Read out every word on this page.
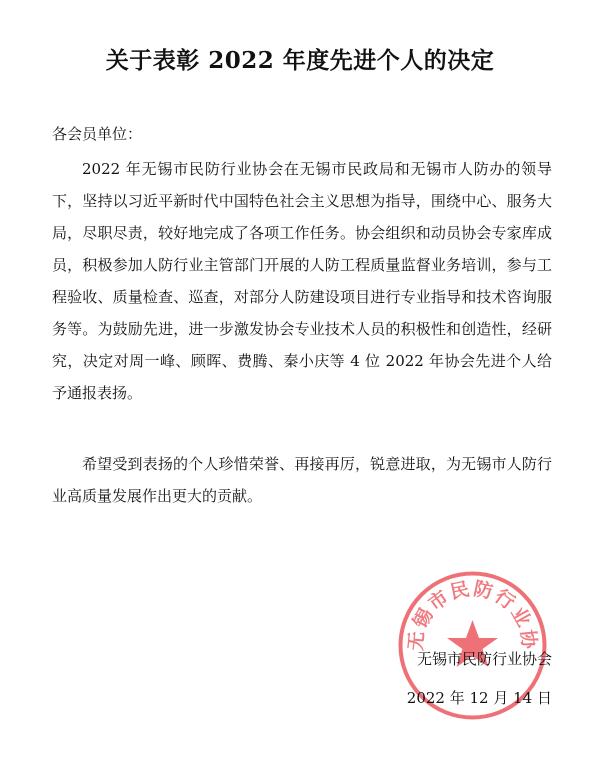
关于表彰 2022 年度先进个人的决定
各会员单位：

2022 年无锡市民防行业协会在无锡市民政局和无锡市人防办的领导下，坚持以习近平新时代中国特色社会主义思想为指导，围绕中心、服务大局，尽职尽责，较好地完成了各项工作任务。协会组织和动员协会专家库成员，积极参加人防行业主管部门开展的人防工程质量监督业务培训，参与工程验收、质量检查、巡查，对部分人防建设项目进行专业指导和技术咨询服务等。为鼓励先进，进一步激发协会专业技术人员的积极性和创造性，经研究，决定对周一峰、顾晖、费腾、秦小庆等 4 位 2022 年协会先进个人给予通报表扬。

希望受到表扬的个人珍惜荣誉、再接再厉，锐意进取，为无锡市人防行业高质量发展作出更大的贡献。

无锡市民防行业协
无锡市民防行业协会
2022 年 12 月 14 日
